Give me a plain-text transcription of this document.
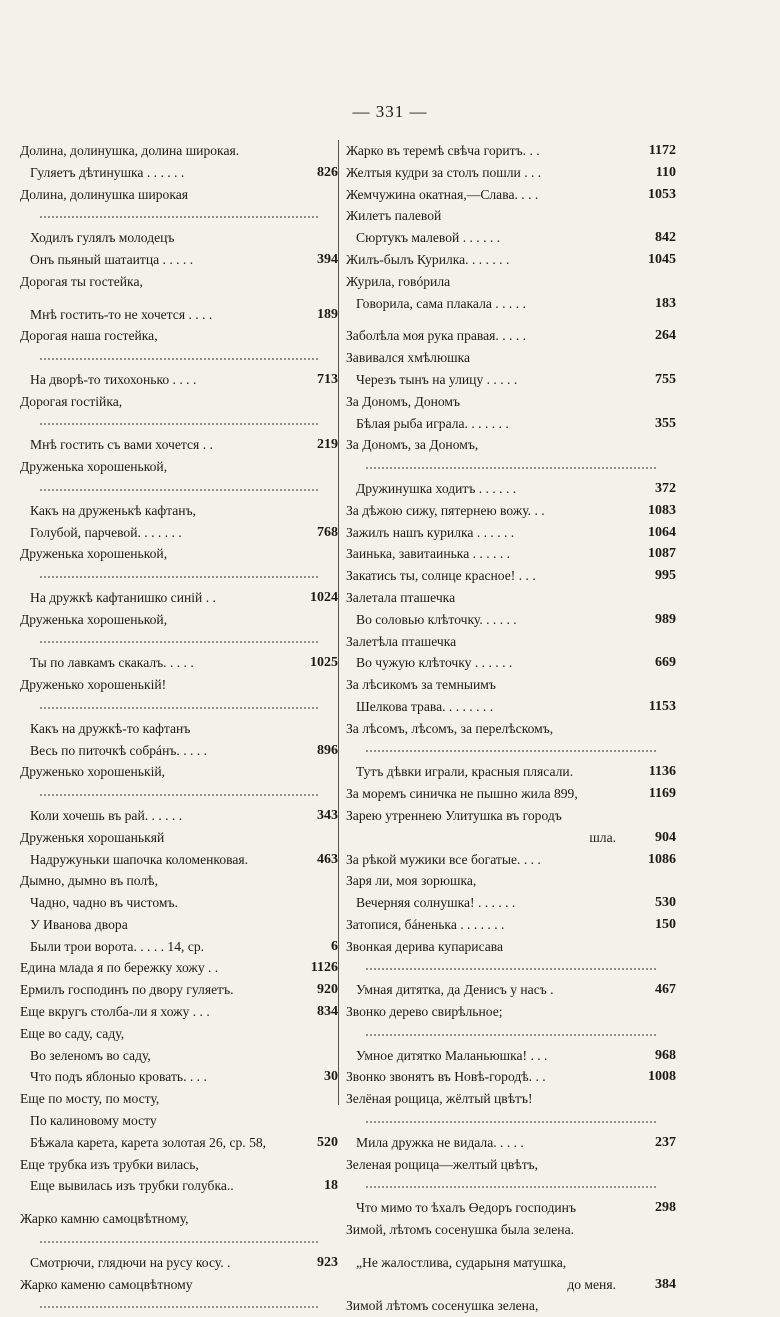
— 331 —
Долина, долинушка, долина широкая.
Гуляетъ дѣтинушка . . . . . .	826
Долина, долинушка широкая
Ходилъ гулялъ молодецъ
Онъ пьяный шатаитца . . . . .	394
Дорогая ты гостейка,
Мнѣ гостить-то не хочется . . . .	189
Дорогая наша гостейка,
На дворѣ-то тихохонько . . . .	713
Дорогая гостійка,
Мнѣ гостить съ вами хочется . .	219
Друженька хорошенькой,
Какъ на друженькѣ кафтанъ,
Голубой, парчевой. . . . . . .	768
Друженька хорошенькой,
На дружкѣ кафтанишко синій . .	1024
Друженька хорошенькой,
Ты по лавкамъ скакалъ. . . . .	1025
Друженько хорошенькій!
Какъ на дружкѣ-то кафтанъ
Весь по питочкѣ собрáнъ. . . . .	896
Друженько хорошенькій,
Коли хочешь въ рай. . . . . .	343
Друженькя хорошанькяй
Надружуньки шапочка коломенковая.	463
Дымно, дымно въ полѣ,
Чадно, чадно въ чистомъ.
У Иванова двора
Были трои ворота. . . . . 14, ср.	6
Едина млада я по бережку хожу . .	1126
Ермилъ господинъ по двору гуляетъ.	920
Еще вкругъ столба-ли я хожу . . .	834
Еще во саду, саду,
Во зеленомъ во саду,
Что подъ яблоныо кровать. . . .	30
Еще по мосту, по мосту,
По калиновому мосту
Бѣжала карета, карета золотая 26, ср. 58,	520
Еще трубка изъ трубки вилась,
Еще вывилась изъ трубки голубка..	18
Жарко камню самоцвѣтному,
Смотрючи, глядючи на русу косу. .	923
Жарко каменю самоцвѣтному
Жарко въ теремѣ свѣча горитъ. . .	1172
Желтыя кудри за столъ пошли . . .	110
Жемчужина окатная,—Слава. . . .	1053
Жилетъ палевой
Сюртукъ малевой . . . . . .	842
Жилъ-былъ Курилка. . . . . . .	1045
Журила, говóрила
Говорила, сама плакала . . . . .	183
Заболѣла моя рука правая. . . . .	264
Завивался хмѣлюшка
Черезъ тынъ на улицу . . . . .	755
За Дономъ, Дономъ
Бѣлая рыба играла. . . . . . .	355
За Дономъ, за Дономъ,
Дружинушка ходитъ . . . . . .	372
За дѣжою сижу, пятернею вожу. . .	1083
Зажилъ нашъ курилка . . . . . .	1064
Заинька, завитаинька . . . . . .	1087
Закатись ты, солнце красное! . . .	995
Залетала пташечка
Во соловью клѣточку. . . . . .	989
Залетѣла пташечка
Во чужую клѣточку . . . . . .	669
За лѣсикомъ за темныимъ
Шелкова трава. . . . . . . .	1153
За лѣсомъ, лѣсомъ, за перелѣскомъ,
Тутъ дѣвки играли, красныя плясали.	1136
За моремъ синичка не пышно жила 899,	1169
Зарею утреннею Улитушка въ городъ
шла.	904
За рѣкой мужики все богатые. . . .	1086
Заря ли, моя зорюшка,
Вечерняя солнушка! . . . . . .	530
Затопися, бáненька . . . . . . .	150
Звонкая дерива купарисава
Умная дитятка, да Денисъ у насъ .	467
Звонко дерево свирѣльное;
Умное дитятко Маланьюшка! . . .	968
Звонко звонятъ въ Новѣ-городѣ. . .	1008
Зелёная рощица, жёлтый цвѣтъ!
Мила дружка не видала. . . . .	237
Зеленая рощица—желтый цвѣтъ,
Что мимо то ѣхалъ Өедоръ господинъ	298
Зимой, лѣтомъ сосенушка была зелена.
„Не жалостлива, сударыня матушка,
до меня.	384
Зимой лѣтомъ сосенушка зелена,
